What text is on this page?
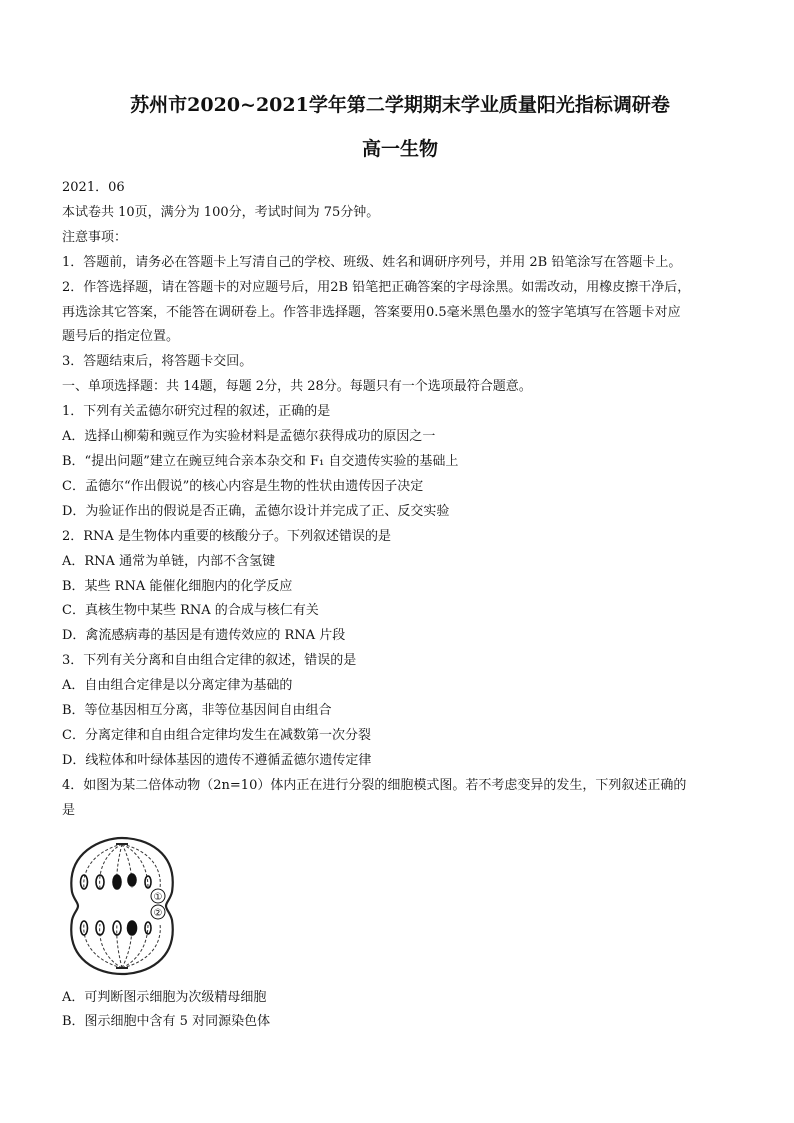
苏州市2020~2021学年第二学期期末学业质量阳光指标调研卷

高一生物

2021．06

本试卷共 10页，满分为 100分，考试时间为 75分钟。

注意事项：

1．答题前，请务必在答题卡上写清自己的学校、班级、姓名和调研序列号，并用 2B 铅笔涂写在答题卡上。

2．作答选择题，请在答题卡的对应题号后，用2B 铅笔把正确答案的字母涂黑。如需改动，用橡皮擦干净后，

再选涂其它答案，不能答在调研卷上。作答非选择题，答案要用0.5毫米黑色墨水的签字笔填写在答题卡对应

题号后的指定位置。

3．答题结束后，将答题卡交回。

一、单项选择题：共 14题，每题 2分，共 28分。每题只有一个选项最符合题意。

1．下列有关孟德尔研究过程的叙述，正确的是

A．选择山柳菊和豌豆作为实验材料是孟德尔获得成功的原因之一

B．“提出问题”建立在豌豆纯合亲本杂交和 F₁ 自交遗传实验的基础上

C．孟德尔“作出假说”的核心内容是生物的性状由遗传因子决定

D．为验证作出的假说是否正确，孟德尔设计并完成了正、反交实验

2．RNA 是生物体内重要的核酸分子。下列叙述错误的是

A．RNA 通常为单链，内部不含氢键

B．某些 RNA 能催化细胞内的化学反应

C．真核生物中某些 RNA 的合成与核仁有关

D．禽流感病毒的基因是有遗传效应的 RNA 片段

3．下列有关分离和自由组合定律的叙述，错误的是

A．自由组合定律是以分离定律为基础的

B．等位基因相互分离，非等位基因间自由组合

C．分离定律和自由组合定律均发生在减数第一次分裂

D．线粒体和叶绿体基因的遗传不遵循孟德尔遗传定律

4．如图为某二倍体动物（2n=10）体内正在进行分裂的细胞模式图。若不考虑变异的发生，下列叙述正确的

是

①
②

A．可判断图示细胞为次级精母细胞

B．图示细胞中含有 5 对同源染色体
